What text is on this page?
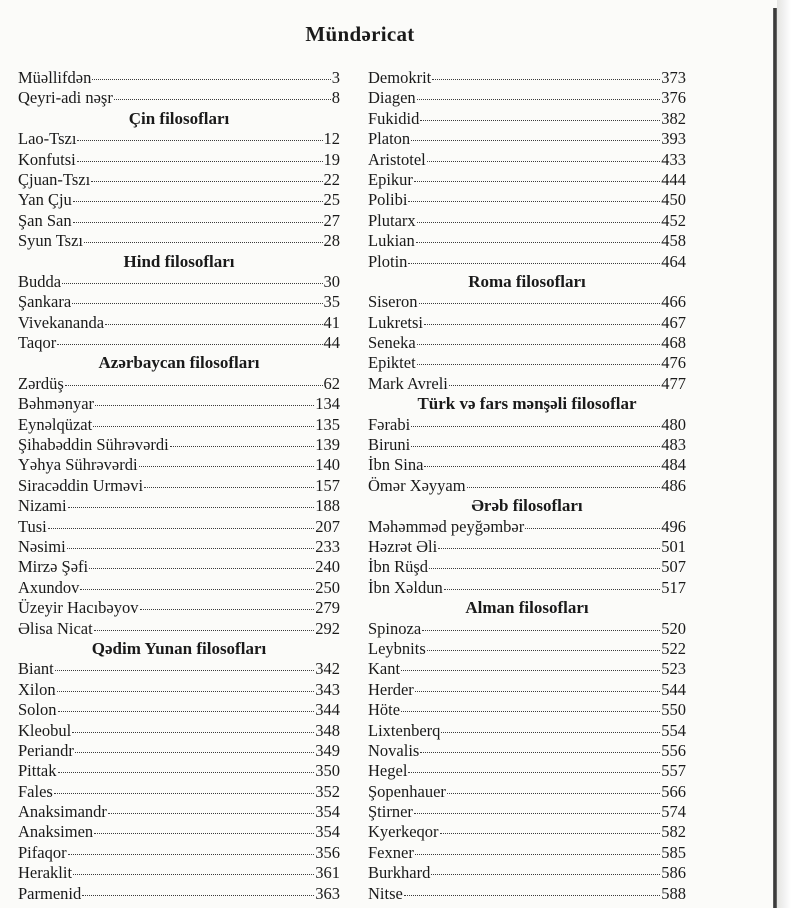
Mündəricat
Müəllifdən	3
Qeyri-adi nəşr	8
Çin filosofları
Lao-Tszı	12
Konfutsi	19
Çjuan-Tszı	22
Yan Çju	25
Şan San	27
Syun Tszı	28
Hind filosofları
Budda	30
Şankara	35
Vivekananda	41
Taqor	44
Azərbaycan filosofları
Zərdüş	62
Bəhmənyar	134
Eynəlqüzat	135
Şihabəddin Sührəvərdi	139
Yəhya Sührəvərdi	140
Siracəddin Urməvi	157
Nizami	188
Tusi	207
Nəsimi	233
Mirzə Şəfi	240
Axundov	250
Üzeyir Hacıbəyov	279
Əlisa Nicat	292
Qədim Yunan filosofları
Biant	342
Xilon	343
Solon	344
Kleobul	348
Periandr	349
Pittak	350
Fales	352
Anaksimandr	354
Anaksimen	354
Pifaqor	356
Heraklit	361
Parmenid	363
Demokrit	373
Diagen	376
Fukidid	382
Platon	393
Aristotel	433
Epikur	444
Polibi	450
Plutarx	452
Lukian	458
Plotin	464
Roma filosofları
Siseron	466
Lukretsi	467
Seneka	468
Epiktet	476
Mark Avreli	477
Türk və fars mənşəli filosoflar
Fərabi	480
Biruni	483
İbn Sina	484
Ömər Xəyyam	486
Ərəb filosofları
Məhəmməd peyğəmbər	496
Həzrət Əli	501
İbn Rüşd	507
İbn Xəldun	517
Alman filosofları
Spinoza	520
Leybnits	522
Kant	523
Herder	544
Höte	550
Lixtenberq	554
Novalis	556
Hegel	557
Şopenhauer	566
Ştirner	574
Kyerkeqor	582
Fexner	585
Burkhard	586
Nitse	588
